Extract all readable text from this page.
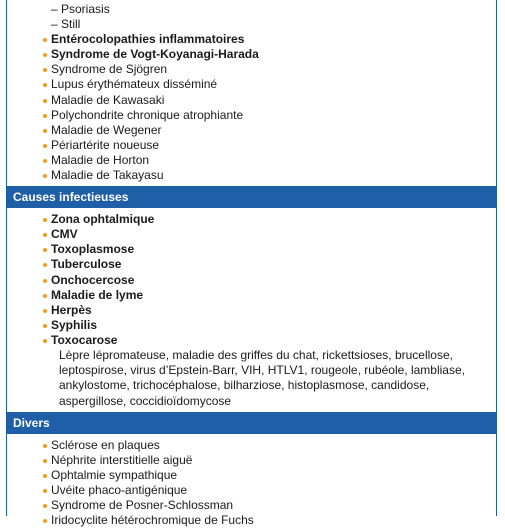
– Psoriasis
– Still
Entérocolopathies inflammatoires
Syndrome de Vogt-Koyanagi-Harada
Syndrome de Sjögren
Lupus érythémateux disséminé
Maladie de Kawasaki
Polychondrite chronique atrophiante
Maladie de Wegener
Périartérite noueuse
Maladie de Horton
Maladie de Takayasu
Causes infectieuses
Zona ophtalmique
CMV
Toxoplasmose
Tuberculose
Onchocercose
Maladie de lyme
Herpès
Syphilis
Toxocarose
Lèpre lépromateuse, maladie des griffes du chat, rickettsioses, brucellose, leptospirose, virus d’Epstein-Barr, VIH, HTLV1, rougeole, rubéole, lambliase, ankylostome, trichocéphalose, bilharziose, histoplasmose, candidose, aspergillose, coccidioïdomycose
Divers
Sclérose en plaques
Néphrite interstitielle aiguë
Ophtalmie sympathique
Uvéite phaco-antigénique
Syndrome de Posner-Schlossman
Iridocyclite hétérochromique de Fuchs
